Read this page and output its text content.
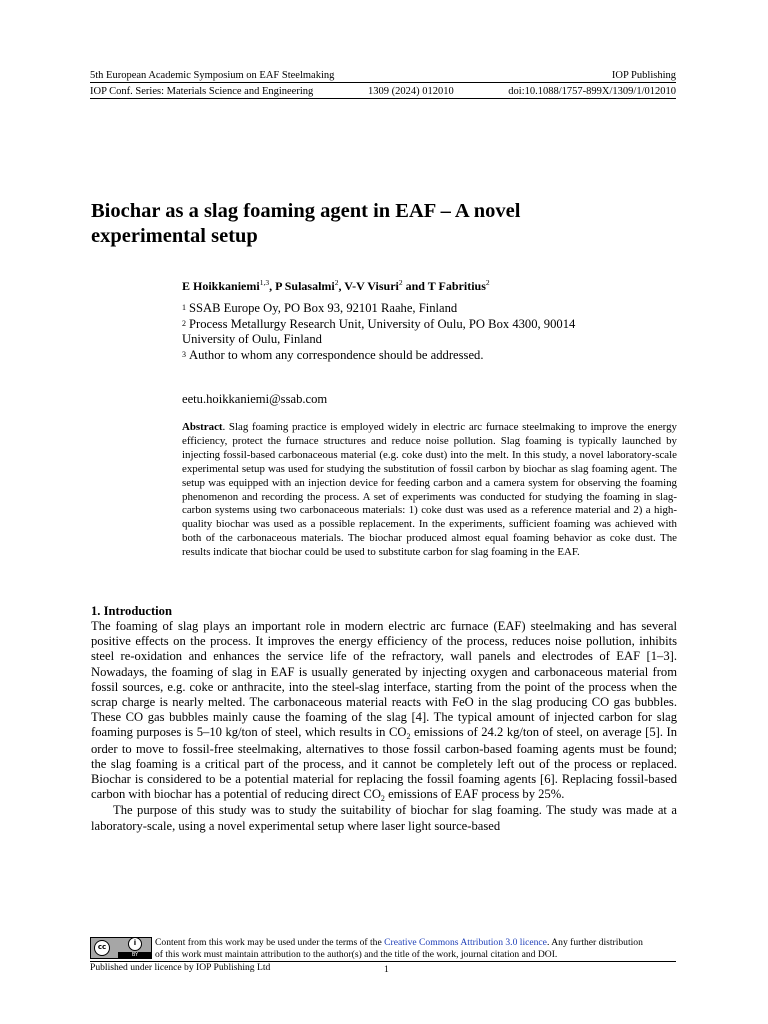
5th European Academic Symposium on EAF Steelmaking	IOP Publishing
IOP Conf. Series: Materials Science and Engineering	1309 (2024) 012010	doi:10.1088/1757-899X/1309/1/012010
Biochar as a slag foaming agent in EAF – A novel
experimental setup
E Hoikkaniemi$^{1,3}$, P Sulasalmi$^2$, V-V Visuri$^2$ and T Fabritius$^2$
$^1$ SSAB Europe Oy, PO Box 93, 92101 Raahe, Finland
$^2$ Process Metallurgy Research Unit, University of Oulu, PO Box 4300, 90014 University of Oulu, Finland
$^3$ Author to whom any correspondence should be addressed.
eetu.hoikkaniemi@ssab.com
Abstract. Slag foaming practice is employed widely in electric arc furnace steelmaking to improve the energy efficiency, protect the furnace structures and reduce noise pollution. Slag foaming is typically launched by injecting fossil-based carbonaceous material (e.g. coke dust) into the melt. In this study, a novel laboratory-scale experimental setup was used for studying the substitution of fossil carbon by biochar as slag foaming agent. The setup was equipped with an injection device for feeding carbon and a camera system for observing the foaming phenomenon and recording the process. A set of experiments was conducted for studying the foaming in slag-carbon systems using two carbonaceous materials: 1) coke dust was used as a reference material and 2) a high-quality biochar was used as a possible replacement. In the experiments, sufficient foaming was achieved with both of the carbonaceous materials. The biochar produced almost equal foaming behavior as coke dust. The results indicate that biochar could be used to substitute carbon for slag foaming in the EAF.
1. Introduction

The foaming of slag plays an important role in modern electric arc furnace (EAF) steelmaking and has several positive effects on the process. It improves the energy efficiency of the process, reduces noise pollution, inhibits steel re-oxidation and enhances the service life of the refractory, wall panels and electrodes of EAF [1–3]. Nowadays, the foaming of slag in EAF is usually generated by injecting oxygen and carbonaceous material from fossil sources, e.g. coke or anthracite, into the steel-slag interface, starting from the point of the process when the scrap charge is nearly melted. The carbonaceous material reacts with FeO in the slag producing CO gas bubbles. These CO gas bubbles mainly cause the foaming of the slag [4]. The typical amount of injected carbon for slag foaming purposes is 5–10 kg/ton of steel, which results in $CO_2$ emissions of 24.2 kg/ton of steel, on average [5]. In order to move to fossil-free steelmaking, alternatives to those fossil carbon-based foaming agents must be found; the slag foaming is a critical part of the process, and it cannot be completely left out of the process or replaced. Biochar is considered to be a potential material for replacing the fossil foaming agents [6]. Replacing fossil-based carbon with biochar has a potential of reducing direct $CO_2$ emissions of EAF process by 25%.

The purpose of this study was to study the suitability of biochar for slag foaming. The study was made at a laboratory-scale, using a novel experimental setup where laser light source-based

cc	i
BY
Content from this work may be used under the terms of the Creative Commons Attribution 3.0 licence. Any further distribution
of this work must maintain attribution to the author(s) and the title of the work, journal citation and DOI.
Published under licence by IOP Publishing Ltd	1
